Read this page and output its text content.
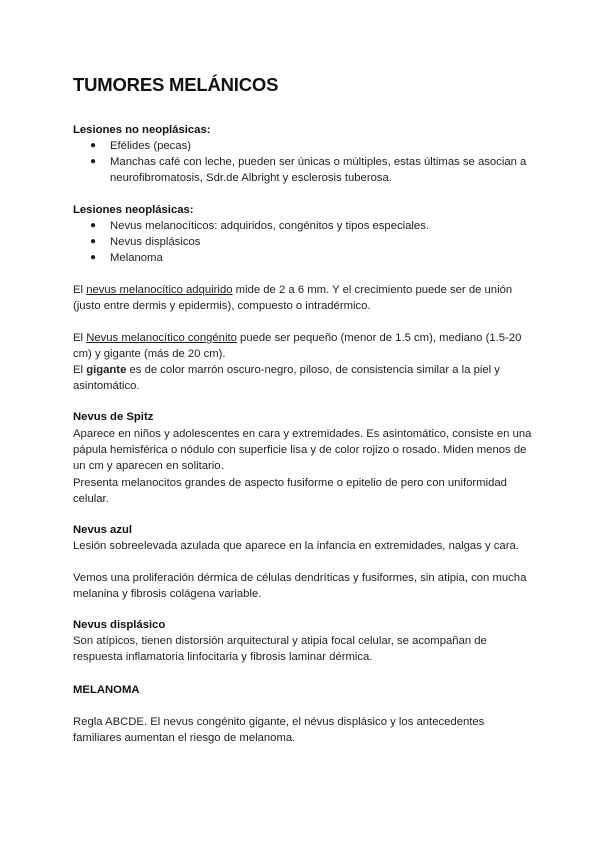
TUMORES MELÁNICOS

Lesiones no neoplásicas:

● Efélides (pecas)
● Manchas café con leche, pueden ser únicas o múltiples, estas últimas se asocian a neurofibromatosis, Sdr.de Albright y esclerosis tuberosa.

Lesiones neoplásicas:

● Nevus melanocíticos: adquiridos, congénitos y tipos especiales.
● Nevus displásicos
● Melanoma

El nevus melanocítico adquirido mide de 2 a 6 mm. Y el crecimiento puede ser de unión (justo entre dermis y epidermis), compuesto o intradérmico.

El Nevus melanocítico congénito puede ser pequeño (menor de 1.5 cm), mediano (1.5-20 cm) y gigante (más de 20 cm).

El gigante es de color marrón oscuro-negro, piloso, de consistencia similar a la piel y asintomático.

Nevus de Spitz

Aparece en niños y adolescentes en cara y extremidades. Es asintomático, consiste en una pápula hemisférica o nódulo con superficie lisa y de color rojizo o rosado. Miden menos de un cm y aparecen en solitario.

Presenta melanocitos grandes de aspecto fusiforme o epitelio de pero con uniformidad celular.

Nevus azul

Lesión sobreelevada azulada que aparece en la infancia en extremidades, nalgas y cara.

Vemos una proliferación dérmica de células dendríticas y fusiformes, sin atipia, con mucha melanina y fibrosis colágena variable.

Nevus displásico

Son atípicos, tienen distorsión arquitectural y atipia focal celular, se acompañan de respuesta inflamatoria linfocitaria y fibrosis laminar dérmica.

MELANOMA

Regla ABCDE. El nevus congénito gigante, el névus displásico y los antecedentes familiares aumentan el riesgo de melanoma.
